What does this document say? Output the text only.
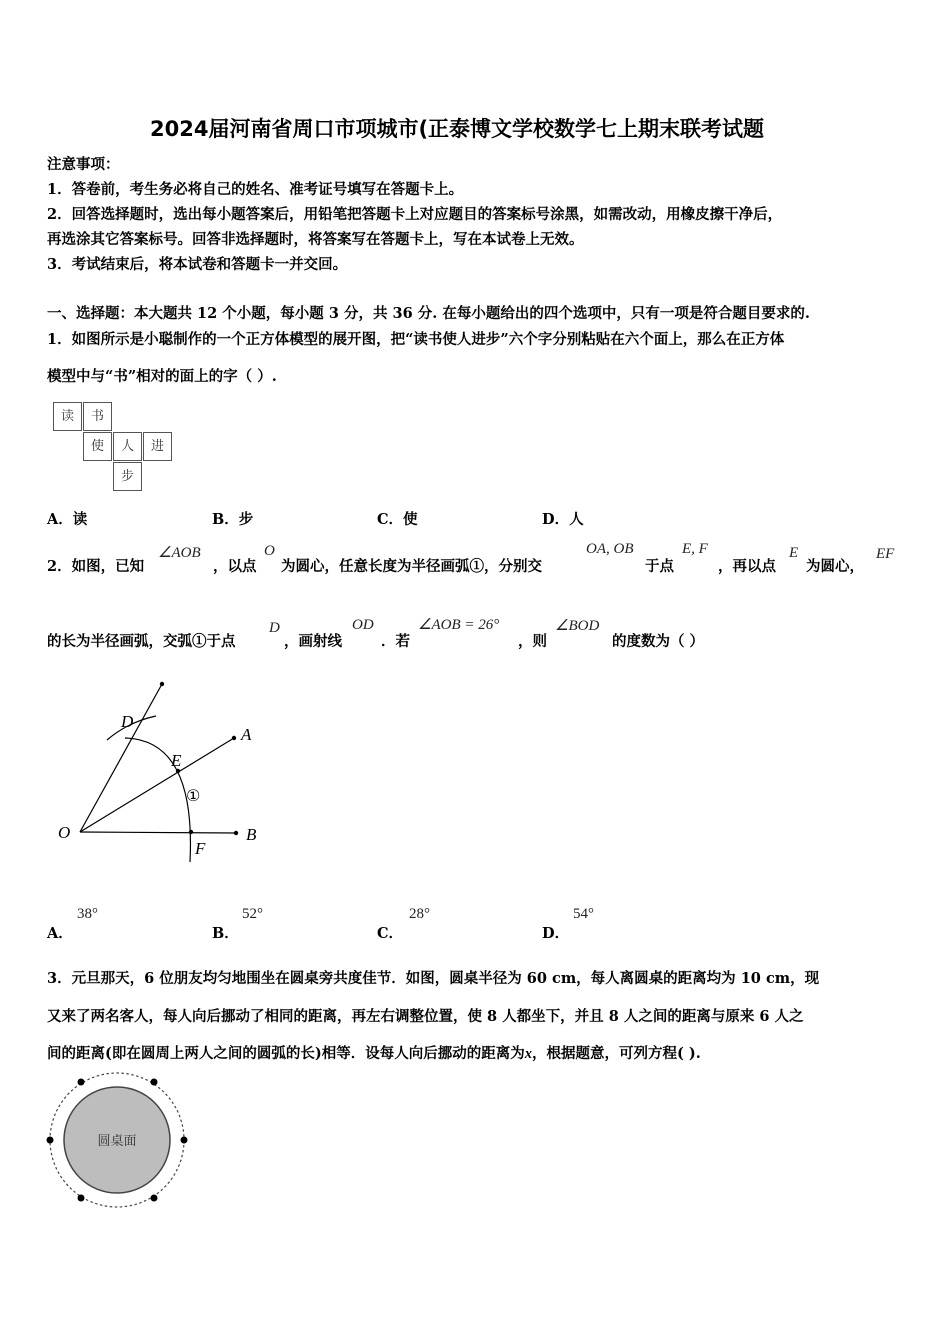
2024届河南省周口市项城市(正泰博文学校数学七上期末联考试题
注意事项：
1．答卷前，考生务必将自己的姓名、准考证号填写在答题卡上。
2．回答选择题时，选出每小题答案后，用铅笔把答题卡上对应题目的答案标号涂黑，如需改动，用橡皮擦干净后，
再选涂其它答案标号。回答非选择题时，将答案写在答题卡上，写在本试卷上无效。
3．考试结束后，将本试卷和答题卡一并交回。
一、选择题：本大题共 12 个小题，每小题 3 分，共 36 分. 在每小题给出的四个选项中，只有一项是符合题目要求的.
1．如图所示是小聪制作的一个正方体模型的展开图，把“读书使人进步”六个字分别粘贴在六个面上，那么在正方体
模型中与“书”相对的面上的字（ ）.
读	书
使	人	进
步
A．读	B．步	C．使	D．人
2．如图，已知
∠AOB
，以点
O
为圆心，任意长度为半径画弧①，分别交
OA, OB
于点
E, F
，再以点
E
为圆心，
EF
的长为半径画弧，交弧①于点
D
，画射线
OD
．若
∠AOB = 26°
，则
∠BOD
的度数为（ ）
O
A
B
D
E
F
①
A．
38°
B．
52°
C．
28°
D．
54°
3．元旦那天，6 位朋友均匀地围坐在圆桌旁共度佳节．如图，圆桌半径为 60 cm，每人离圆桌的距离均为 10 cm，现
又来了两名客人，每人向后挪动了相同的距离，再左右调整位置，使 8 人都坐下，并且 8 人之间的距离与原来 6 人之
间的距离(即在圆周上两人之间的圆弧的长)相等．设每人向后挪动的距离为x，根据题意，可列方程( ).
圆桌面
